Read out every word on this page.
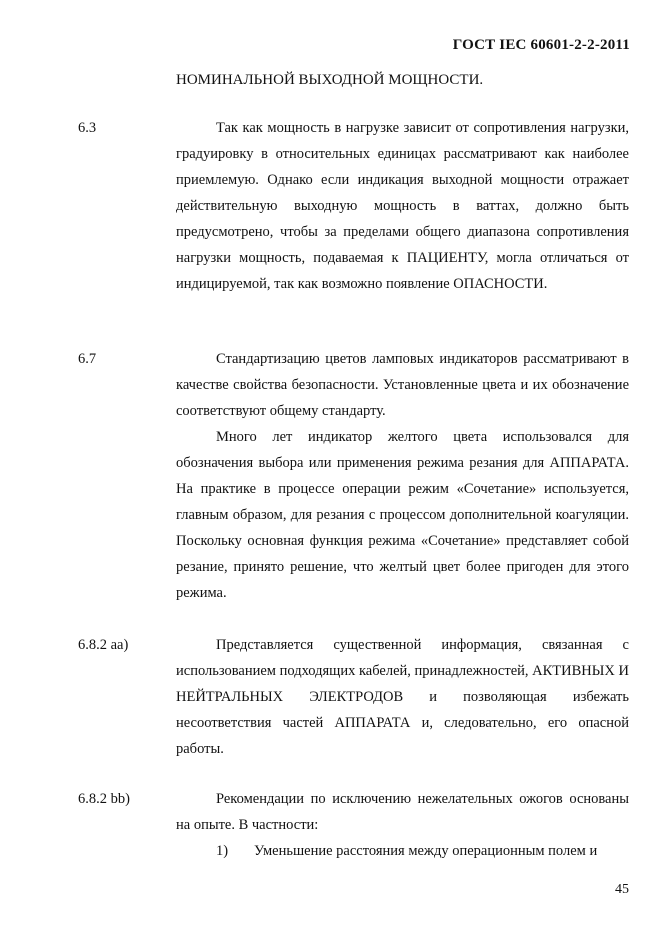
ГОСТ IEC 60601-2-2-2011
НОМИНАЛЬНОЙ ВЫХОДНОЙ МОЩНОСТИ.
6.3	Так как мощность в нагрузке зависит от сопротивления нагрузки, градуировку в относительных единицах рассматривают как наиболее приемлемую. Однако если индикация выходной мощности отражает действительную выходную мощность в ваттах, должно быть предусмотрено, чтобы за пределами общего диапазона сопротивления нагрузки мощность, подаваемая к ПАЦИЕНТУ, могла отличаться от индицируемой, так как возможно появление ОПАСНОСТИ.

6.7	Стандартизацию цветов ламповых индикаторов рассматривают в качестве свойства безопасности. Установленные цвета и их обозначение соответствуют общему стандарту.

Много лет индикатор желтого цвета использовался для обозначения выбора или применения режима резания для АППАРАТА. На практике в процессе операции режим «Сочетание» используется, главным образом, для резания с процессом дополнительной коагуляции. Поскольку основная функция режима «Сочетание» представляет собой резание, принято решение, что желтый цвет более пригоден для этого режима.

6.8.2 aa)	Представляется существенной информация, связанная с использованием подходящих кабелей, принадлежностей, АКТИВНЫХ И НЕЙТРАЛЬНЫХ ЭЛЕКТРОДОВ и позволяющая избежать несоответствия частей АППАРАТА и, следовательно, его опасной работы.

6.8.2 bb)	Рекомендации по исключению нежелательных ожогов основаны на опыте. В частности:

1)	Уменьшение расстояния между операционным полем и

45
